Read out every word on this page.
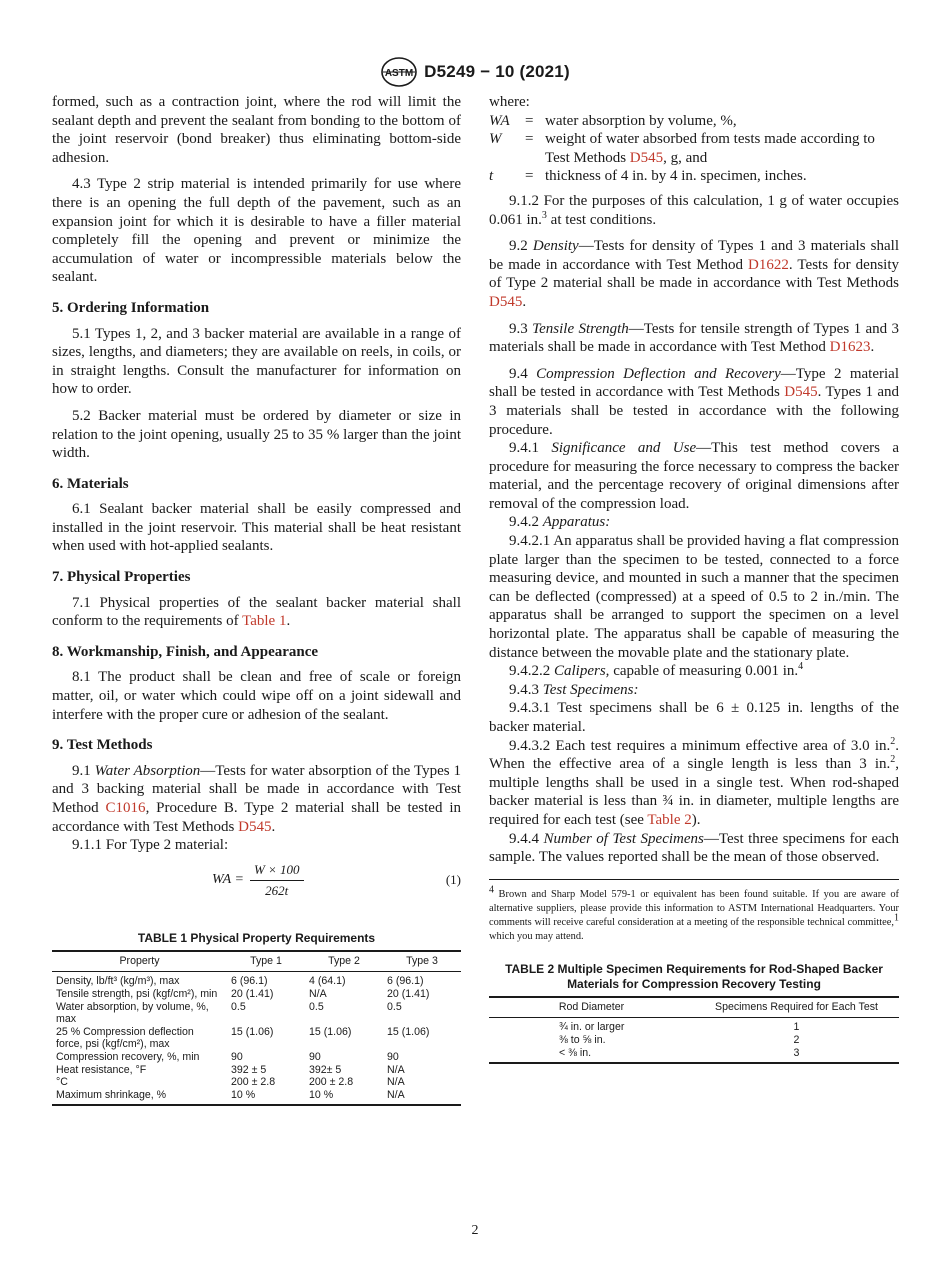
ASTM D5249 − 10 (2021)

formed, such as a contraction joint, where the rod will limit the sealant depth and prevent the sealant from bonding to the bottom of the joint reservoir (bond breaker) thus eliminating bottom-side adhesion.

4.3 Type 2 strip material is intended primarily for use where there is an opening the full depth of the pavement, such as an expansion joint for which it is desirable to have a filler material completely fill the opening and prevent or minimize the accumulation of water or incompressible materials below the sealant.

5. Ordering Information

5.1 Types 1, 2, and 3 backer material are available in a range of sizes, lengths, and diameters; they are available on reels, in coils, or in straight lengths. Consult the manufacturer for information on how to order.

5.2 Backer material must be ordered by diameter or size in relation to the joint opening, usually 25 to 35 % larger than the joint width.

6. Materials

6.1 Sealant backer material shall be easily compressed and installed in the joint reservoir. This material shall be heat resistant when used with hot-applied sealants.

7. Physical Properties

7.1 Physical properties of the sealant backer material shall conform to the requirements of Table 1.

8. Workmanship, Finish, and Appearance

8.1 The product shall be clean and free of scale or foreign matter, oil, or water which could wipe off on a joint sidewall and interfere with the proper cure or adhesion of the sealant.

9. Test Methods

9.1 Water Absorption—Tests for water absorption of the Types 1 and 3 backing material shall be made in accordance with Test Method C1016, Procedure B. Type 2 material shall be tested in accordance with Test Methods D545.

9.1.1 For Type 2 material:

WA = $\frac{W \times 100}{262t}$	(1)
TABLE 1 Physical Property Requirements
Property	Type 1	Type 2	Type 3
Density, lb/ft³ (kg/m³), max	6 (96.1)	4 (64.1)	6 (96.1)
Tensile strength, psi (kgf/cm²), min	20 (1.41)	N/A	20 (1.41)
Water absorption, by volume, %, max	0.5	0.5	0.5
25 % Compression deflection force, psi (kgf/cm²), max	15 (1.06)	15 (1.06)	15 (1.06)
Compression recovery, %, min	90	90	90
Heat resistance, °F	392 ± 5	392± 5	N/A
°C	200 ± 2.8	200 ± 2.8	N/A
Maximum shrinkage, %	10 %	10 %	N/A

where:

WA	=	water absorption by volume, %,
W	=	weight of water absorbed from tests made according to Test Methods D545, g, and
t	=	thickness of 4 in. by 4 in. specimen, inches.

9.1.2 For the purposes of this calculation, 1 g of water occupies 0.061 in.$^3$ at test conditions.

9.2 Density—Tests for density of Types 1 and 3 materials shall be made in accordance with Test Method D1622. Tests for density of Type 2 material shall be made in accordance with Test Methods D545.

9.3 Tensile Strength—Tests for tensile strength of Types 1 and 3 materials shall be made in accordance with Test Method D1623.

9.4 Compression Deflection and Recovery—Type 2 material shall be tested in accordance with Test Methods D545. Types 1 and 3 materials shall be tested in accordance with the following procedure.

9.4.1 Significance and Use—This test method covers a procedure for measuring the force necessary to compress the backer material, and the percentage recovery of original dimensions after removal of the compression load.

9.4.2 Apparatus:

9.4.2.1 An apparatus shall be provided having a flat compression plate larger than the specimen to be tested, connected to a force measuring device, and mounted in such a manner that the specimen can be deflected (compressed) at a speed of 0.5 to 2 in./min. The apparatus shall be arranged to support the specimen on a level horizontal plate. The apparatus shall be capable of measuring the distance between the movable plate and the stationary plate.

9.4.2.2 Calipers, capable of measuring 0.001 in.$^4$

9.4.3 Test Specimens:

9.4.3.1 Test specimens shall be 6 ± 0.125 in. lengths of the backer material.

9.4.3.2 Each test requires a minimum effective area of 3.0 in.$^2$. When the effective area of a single length is less than 3 in.$^2$, multiple lengths shall be used in a single test. When rod-shaped backer material is less than ¾ in. in diameter, multiple lengths are required for each test (see Table 2).

9.4.4 Number of Test Specimens—Test three specimens for each sample. The values reported shall be the mean of those observed.

$^4$ Brown and Sharp Model 579-1 or equivalent has been found suitable. If you are aware of alternative suppliers, please provide this information to ASTM International Headquarters. Your comments will receive careful consideration at a meeting of the responsible technical committee,$^1$ which you may attend.
TABLE 2 Multiple Specimen Requirements for Rod-Shaped Backer Materials for Compression Recovery Testing
Rod Diameter	Specimens Required for Each Test
¾ in. or larger	1
⅜ to ⅝ in.	2
< ⅜ in.	3
2
